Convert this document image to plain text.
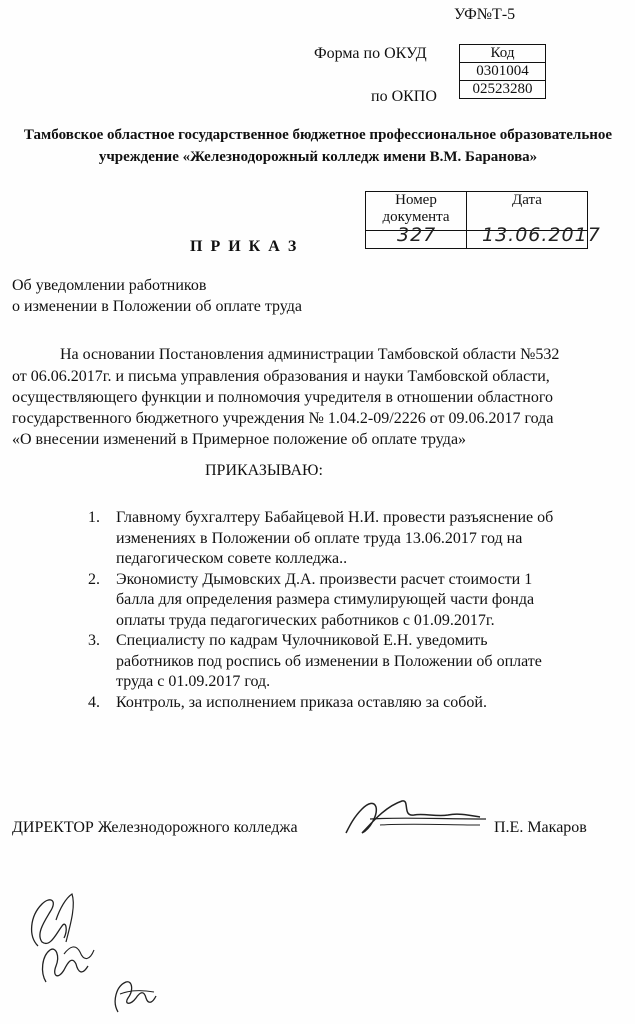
УФ№Т-5
Форма по ОКУД
по ОКПО
Код
0301004
02523280
Тамбовское областное государственное бюджетное профессиональное образовательное
учреждение «Железнодорожный колледж имени В.М. Баранова»
Номер
документа	Дата

327 13.06.2017
П Р И К А З
Об уведомлении работников
о изменении в Положении об оплате труда
На основании Постановления администрации Тамбовской области №532
от 06.06.2017г. и письма управления образования и науки Тамбовской области,
осуществляющего функции и полномочия учредителя в отношении областного
государственного бюджетного учреждения № 1.04.2-09/2226 от 09.06.2017 года
«О внесении изменений в Примерное положение об оплате труда»
ПРИКАЗЫВАЮ:
1. Главному бухгалтеру Бабайцевой Н.И. провести разъяснение об
изменениях в Положении об оплате труда 13.06.2017 год на
педагогическом совете колледжа..
2. Экономисту Дымовских Д.А. произвести расчет стоимости 1
балла для определения размера стимулирующей части фонда
оплаты труда педагогических работников с 01.09.2017г.
3. Специалисту по кадрам Чулочниковой Е.Н. уведомить
работников под роспись об изменении в Положении об оплате
труда с 01.09.2017 год.
4. Контроль, за исполнением приказа оставляю за собой.
ДИРЕКТОР Железнодорожного колледжа	П.Е. Макаров
